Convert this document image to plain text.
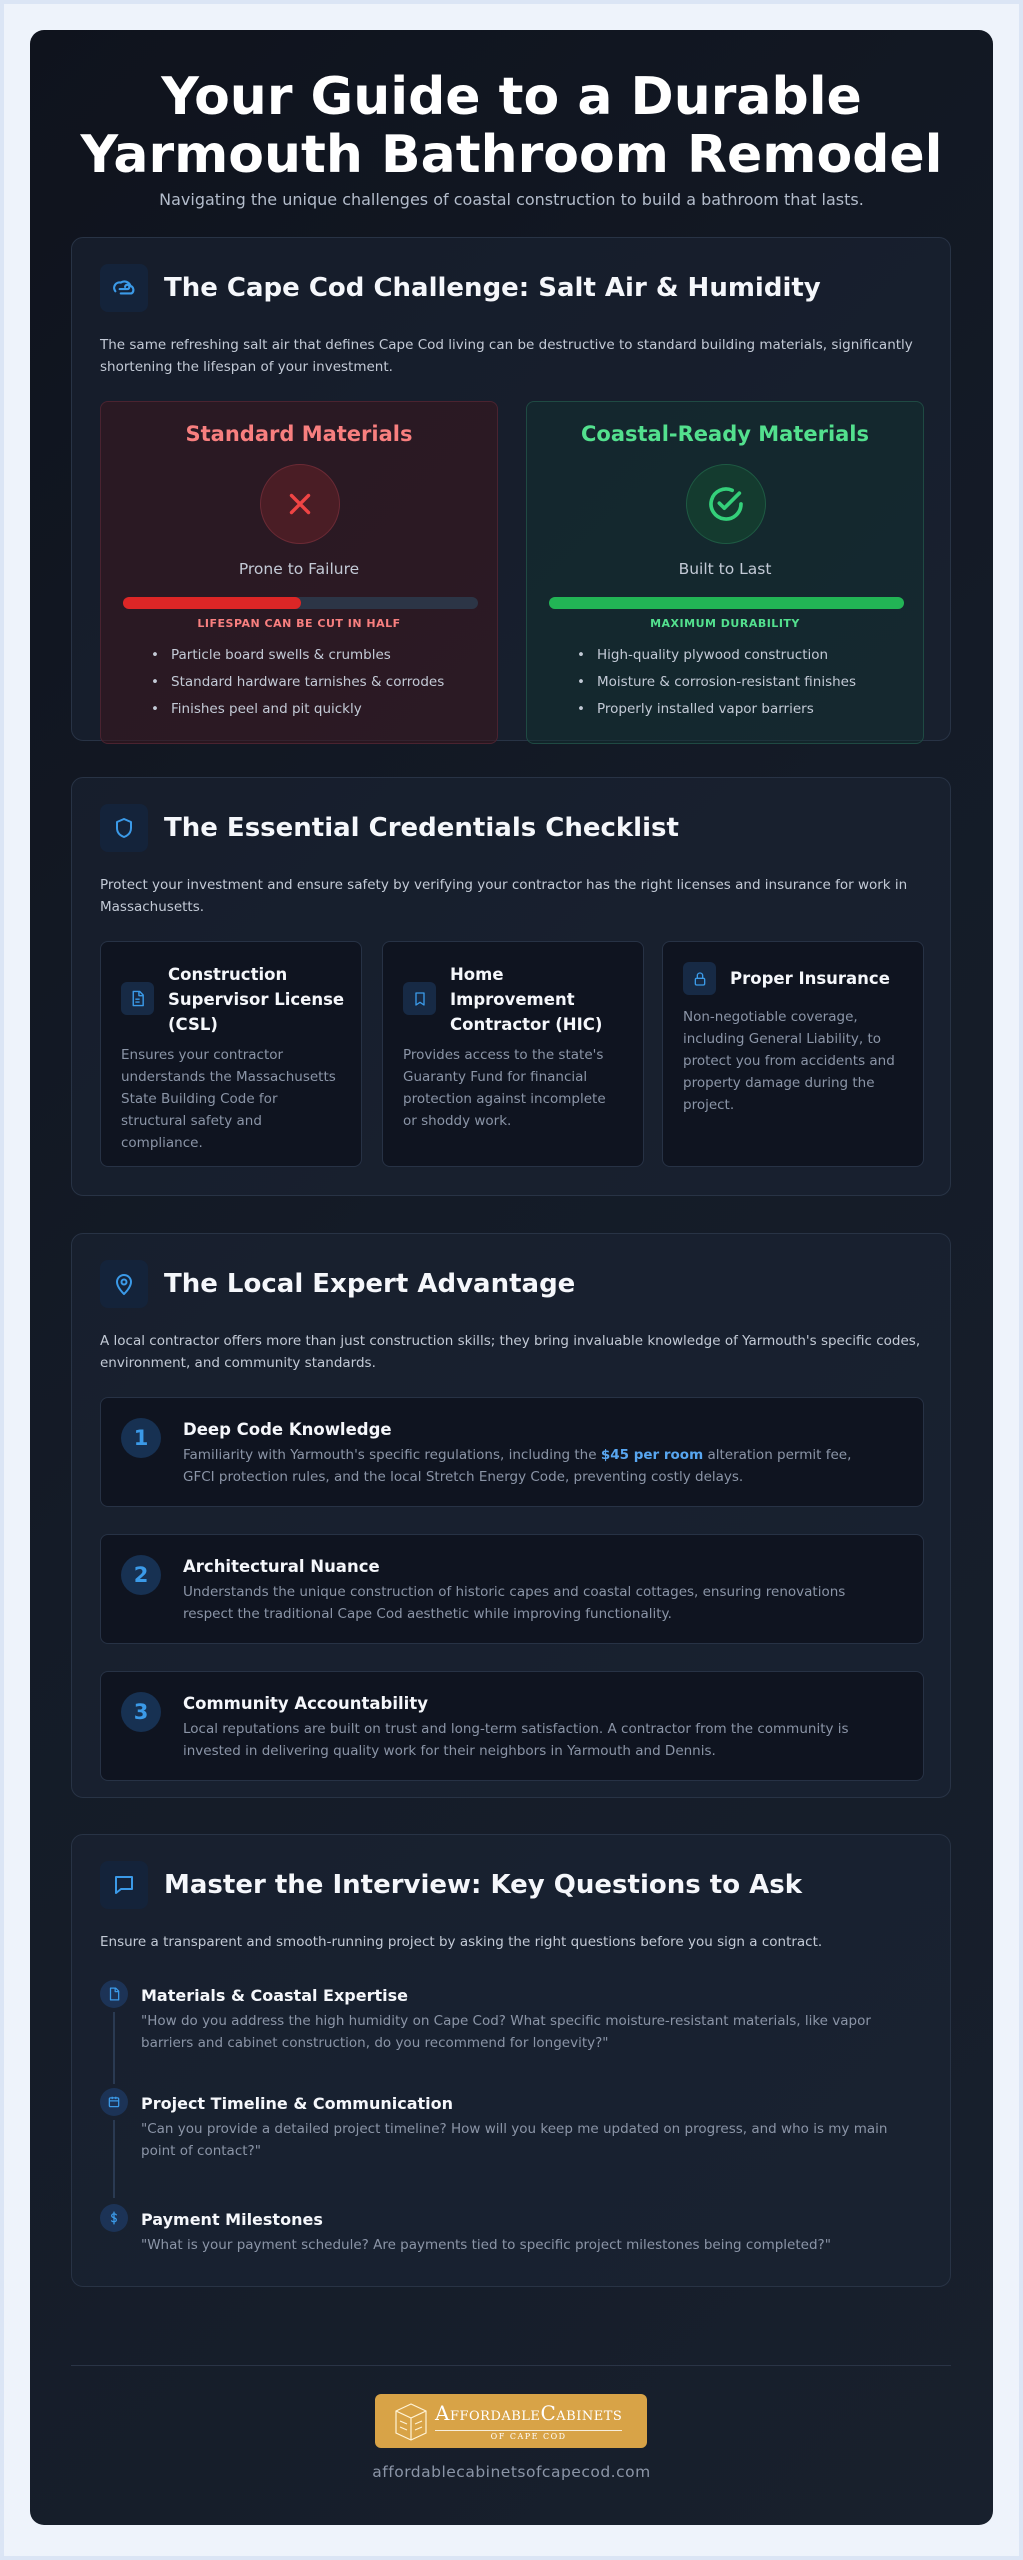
Your Guide to a Durable
Yarmouth Bathroom Remodel
Navigating the unique challenges of coastal construction to build a bathroom that lasts.
The Cape Cod Challenge: Salt Air & Humidity
The same refreshing salt air that defines Cape Cod living can be destructive to standard building materials, significantly shortening the lifespan of your investment.
Standard Materials
Prone to Failure
LIFESPAN CAN BE CUT IN HALF
• Particle board swells & crumbles
• Standard hardware tarnishes & corrodes
• Finishes peel and pit quickly
Coastal-Ready Materials
Built to Last
MAXIMUM DURABILITY
• High-quality plywood construction
• Moisture & corrosion-resistant finishes
• Properly installed vapor barriers
The Essential Credentials Checklist
Protect your investment and ensure safety by verifying your contractor has the right licenses and insurance for work in Massachusetts.
Construction Supervisor License (CSL)
Ensures your contractor understands the Massachusetts State Building Code for structural safety and compliance.
Home Improvement Contractor (HIC)
Provides access to the state's Guaranty Fund for financial protection against incomplete or shoddy work.
Proper Insurance
Non-negotiable coverage, including General Liability, to protect you from accidents and property damage during the project.
The Local Expert Advantage
A local contractor offers more than just construction skills; they bring invaluable knowledge of Yarmouth's specific codes, environment, and community standards.
1	Deep Code Knowledge
Familiarity with Yarmouth's specific regulations, including the $45 per room alteration permit fee, GFCI protection rules, and the local Stretch Energy Code, preventing costly delays.
2	Architectural Nuance
Understands the unique construction of historic capes and coastal cottages, ensuring renovations respect the traditional Cape Cod aesthetic while improving functionality.
3	Community Accountability
Local reputations are built on trust and long-term satisfaction. A contractor from the community is invested in delivering quality work for their neighbors in Yarmouth and Dennis.
Master the Interview: Key Questions to Ask
Ensure a transparent and smooth-running project by asking the right questions before you sign a contract.
Materials & Coastal Expertise
"How do you address the high humidity on Cape Cod? What specific moisture-resistant materials, like vapor barriers and cabinet construction, do you recommend for longevity?"
Project Timeline & Communication
"Can you provide a detailed project timeline? How will you keep me updated on progress, and who is my main point of contact?"
Payment Milestones
"What is your payment schedule? Are payments tied to specific project milestones being completed?"
AFFORDABLECABINETS
OF CAPE COD
affordablecabinetsofcapecod.com
